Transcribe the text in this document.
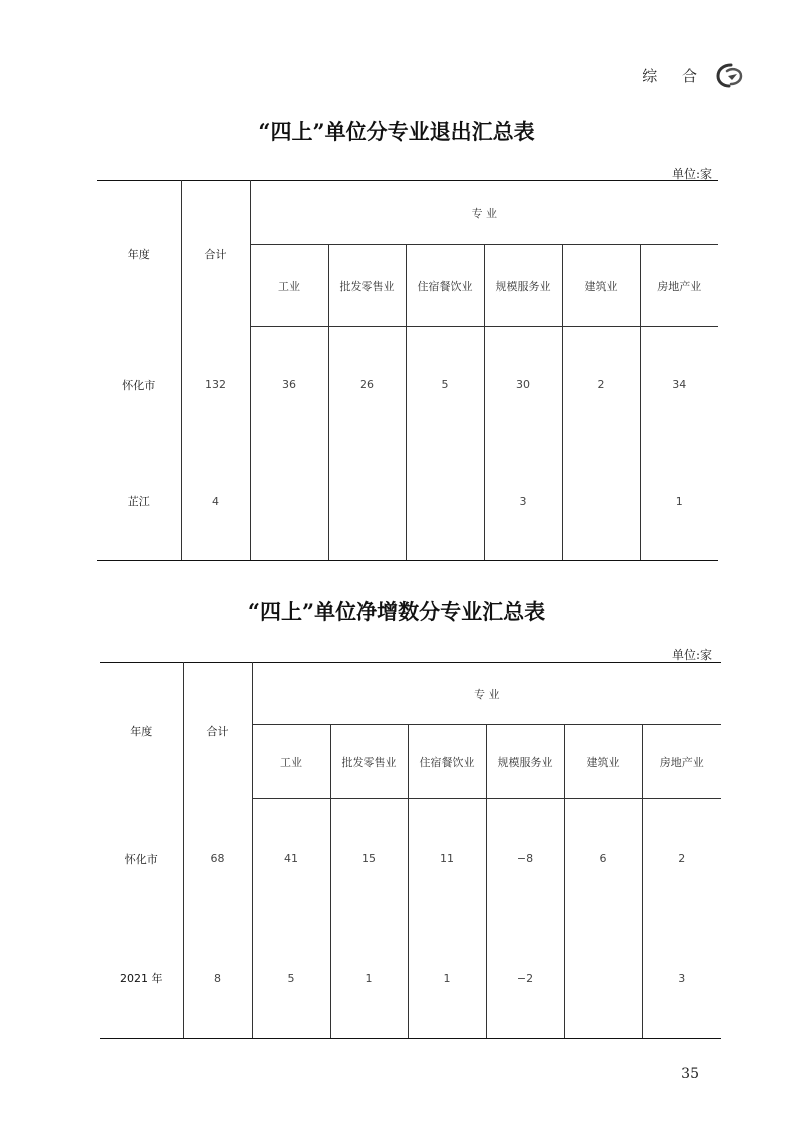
综 合
“四上”单位分专业退出汇总表
单位:家
年度	合计	专 业					
		工业	批发零售业	住宿餐饮业	规模服务业	建筑业	房地产业
怀化市	132	36	26	5	30	2	34
芷江	4				3		1
“四上”单位净增数分专业汇总表
单位:家
年度	合计	专 业					
		工业	批发零售业	住宿餐饮业	规模服务业	建筑业	房地产业
怀化市	68	41	15	11	−8	6	2
2021 年	8	5	1	1	−2		3
35
